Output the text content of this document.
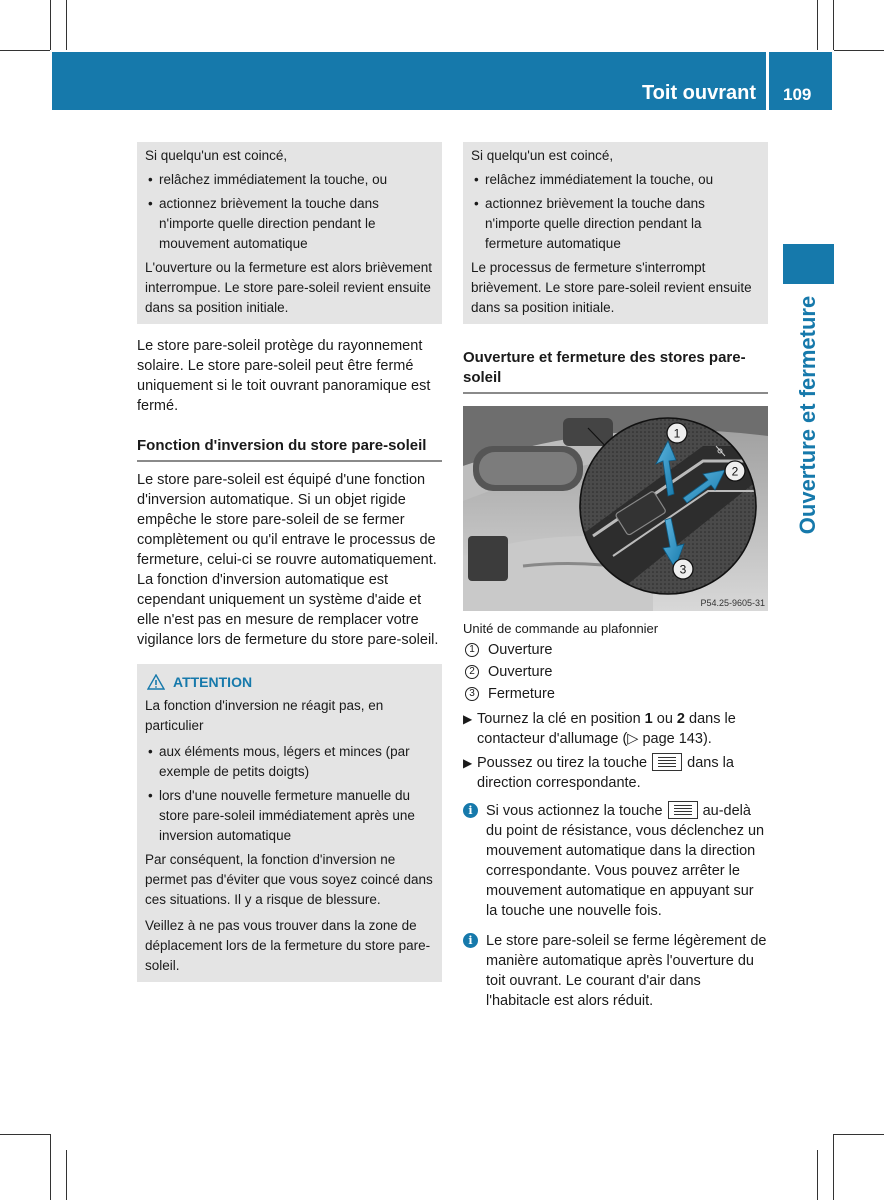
Toit ouvrant 109
Ouverture et fermeture

Si quelqu'un est coincé,

• relâchez immédiatement la touche, ou
• actionnez brièvement la touche dans n'importe quelle direction pendant le mouvement automatique

L'ouverture ou la fermeture est alors brièvement interrompue. Le store pare-soleil revient ensuite dans sa position initiale.

Le store pare-soleil protège du rayonnement solaire. Le store pare-soleil peut être fermé uniquement si le toit ouvrant panoramique est fermé.

Fonction d'inversion du store pare-soleil

Le store pare-soleil est équipé d'une fonction d'inversion automatique. Si un objet rigide empêche le store pare-soleil de se fermer complètement ou qu'il entrave le processus de fermeture, celui-ci se rouvre automatiquement. La fonction d'inversion automatique est cependant uniquement un système d'aide et elle n'est pas en mesure de remplacer votre vigilance lors de fermeture du store pare-soleil.

ATTENTION

La fonction d'inversion ne réagit pas, en particulier

• aux éléments mous, légers et minces (par exemple de petits doigts)
• lors d'une nouvelle fermeture manuelle du store pare-soleil immédiatement après une inversion automatique

Par conséquent, la fonction d'inversion ne permet pas d'éviter que vous soyez coincé dans ces situations. Il y a risque de blessure.

Veillez à ne pas vous trouver dans la zone de déplacement lors de la fermeture du store pare-soleil.

Si quelqu'un est coincé,

• relâchez immédiatement la touche, ou
• actionnez brièvement la touche dans n'importe quelle direction pendant la fermeture automatique

Le processus de fermeture s'interrompt brièvement. Le store pare-soleil revient ensuite dans sa position initiale.

Ouverture et fermeture des stores pare-soleil
1
2
3
P54.25-9605-31

Unité de commande au plafonnier

1 Ouverture
2 Ouverture
3 Fermeture
▶ Tournez la clé en position 1 ou 2 dans le contacteur d'allumage (▷ page 143).
▶ Poussez ou tirez la touche  dans la direction correspondante.
i Si vous actionnez la touche  au-delà du point de résistance, vous déclenchez un mouvement automatique dans la direction correspondante. Vous pouvez arrêter le mouvement automatique en appuyant sur la touche une nouvelle fois.
i Le store pare-soleil se ferme légèrement de manière automatique après l'ouverture du toit ouvrant. Le courant d'air dans l'habitacle est alors réduit.
